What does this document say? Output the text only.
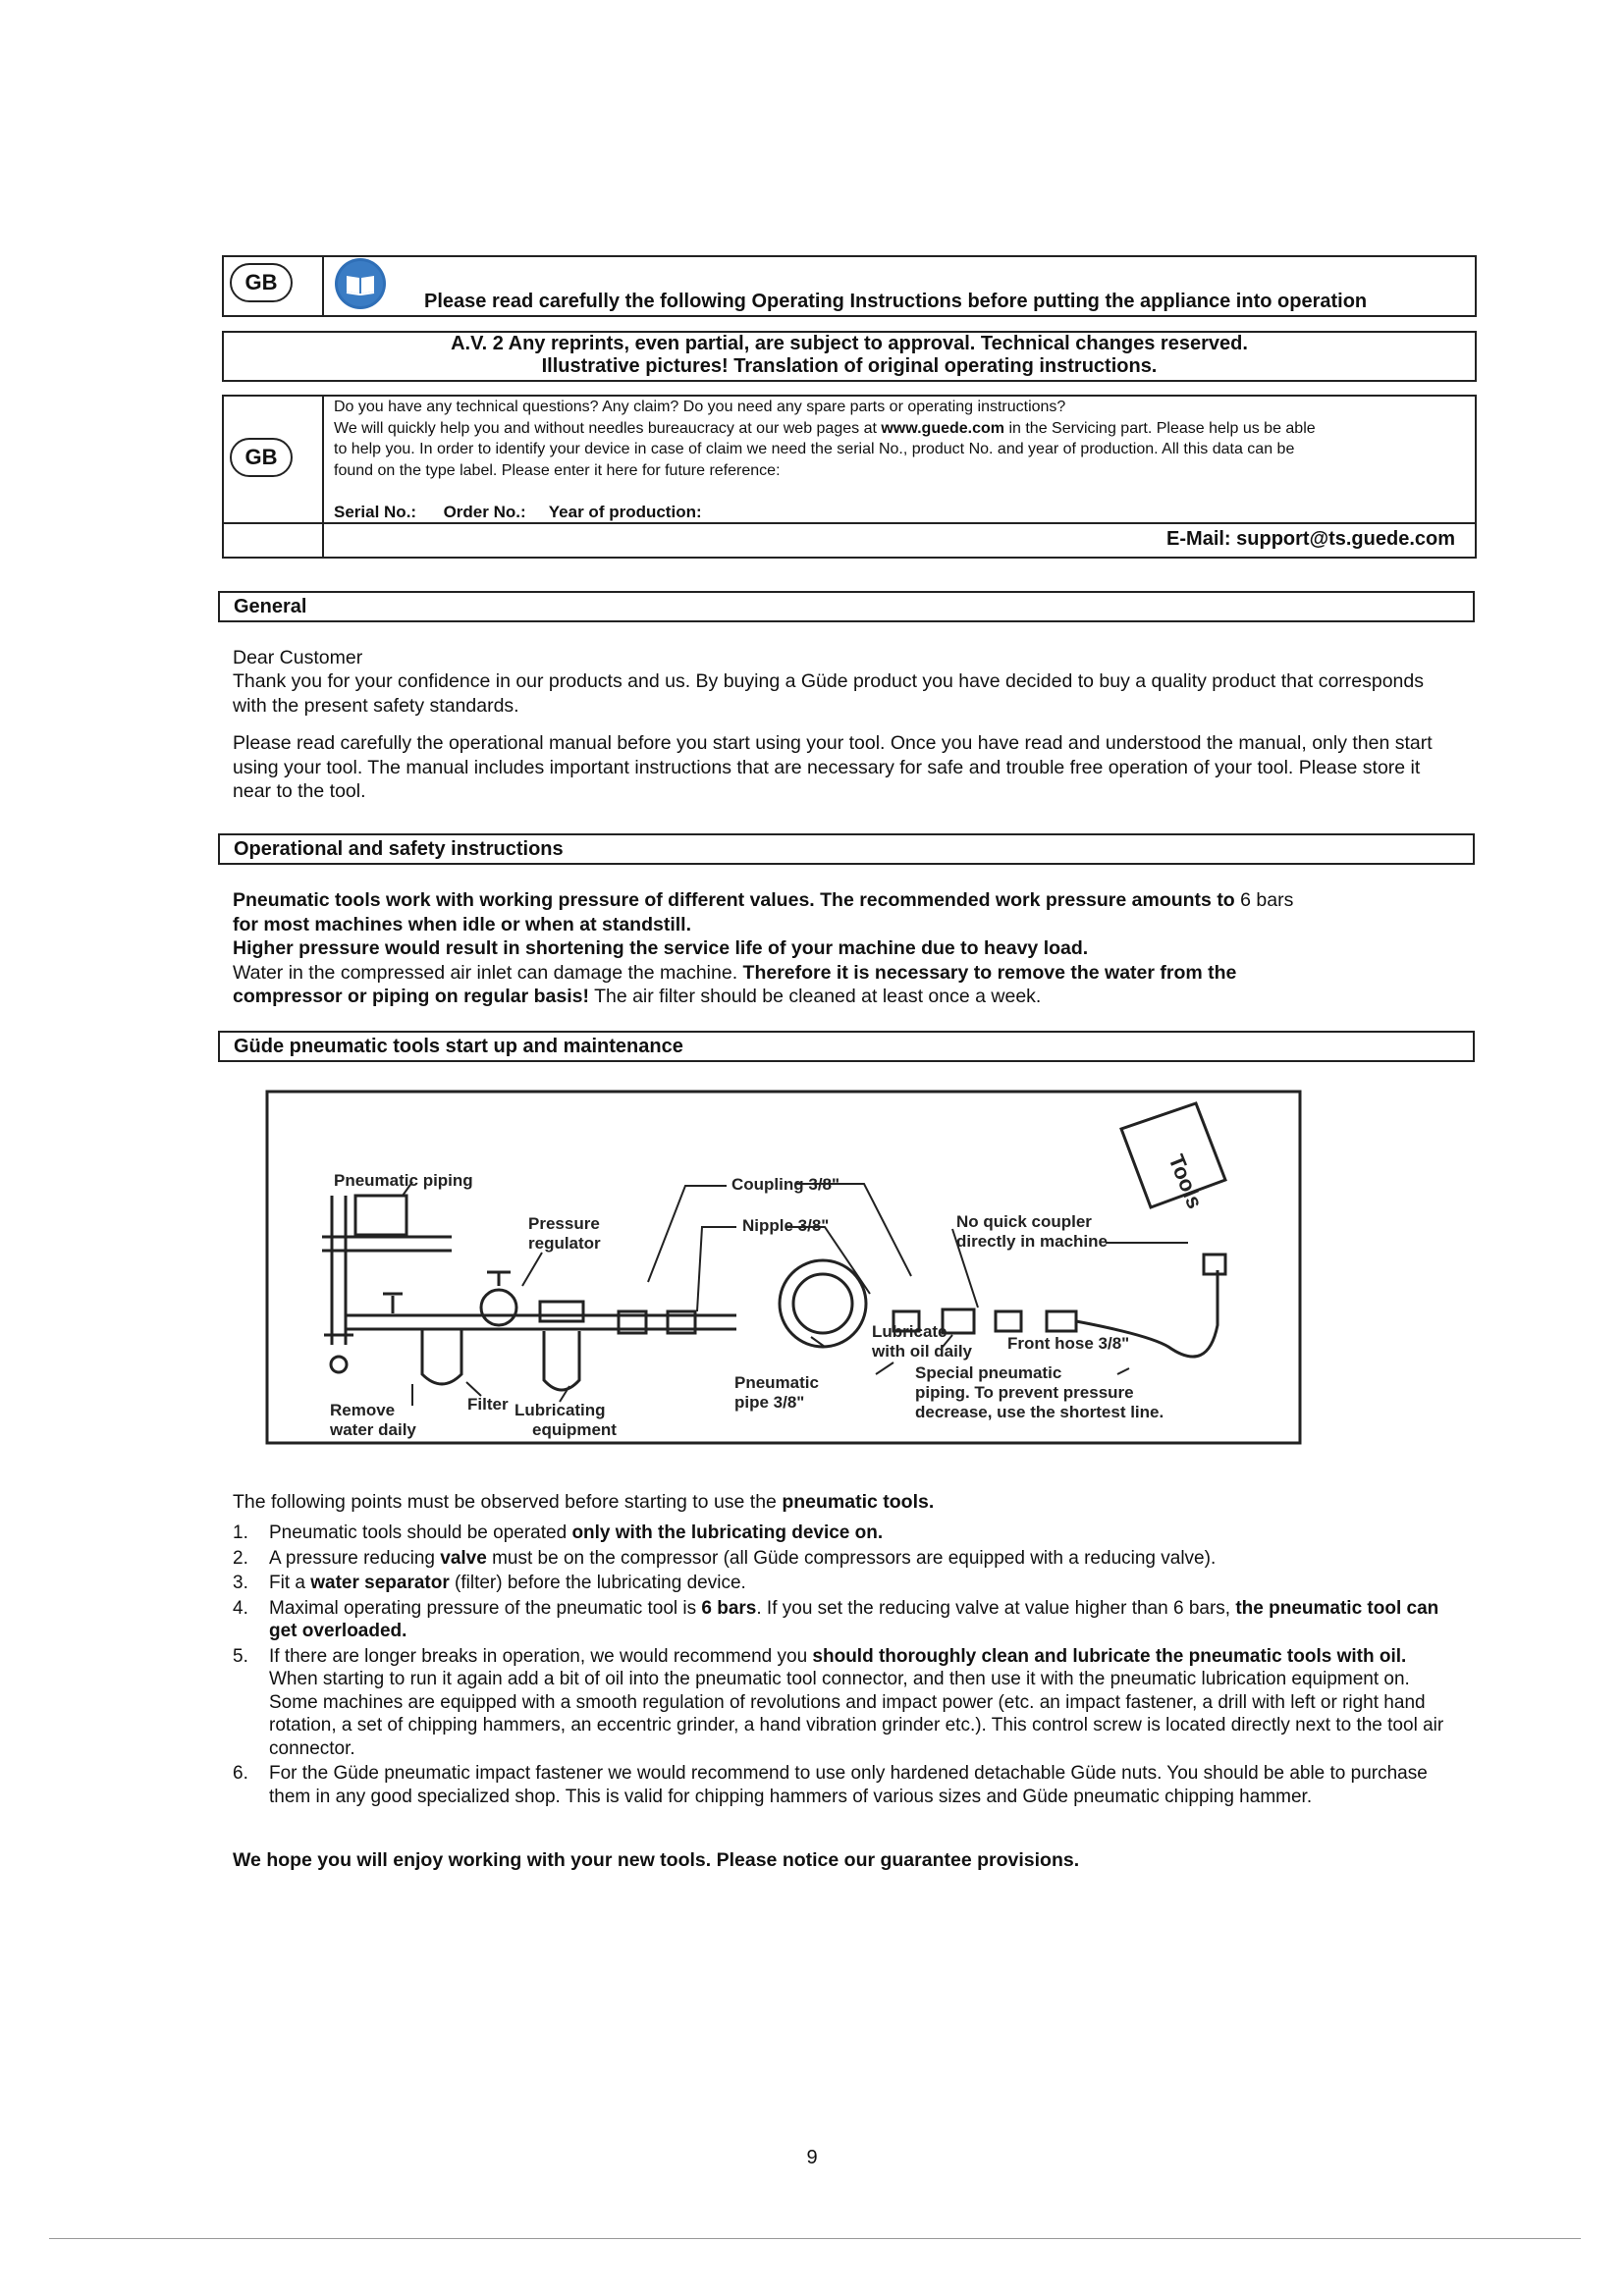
GB
Please read carefully the following Operating Instructions before putting the appliance into operation
A.V. 2 Any reprints, even partial, are subject to approval. Technical changes reserved.
Illustrative pictures! Translation of original operating instructions.
GB
Do you have any technical questions? Any claim? Do you need any spare parts or operating instructions?
We will quickly help you and without needles bureaucracy at our web pages at www.guede.com in the Servicing part. Please help us be able
to help you. In order to identify your device in case of claim we need the serial No., product No. and year of production. All this data can be
found on the type label. Please enter it here for future reference:
Serial No.: Order No.: Year of production:
E-Mail: support@ts.guede.com
General
Dear Customer
Thank you for your confidence in our products and us. By buying a Güde product you have decided to buy a quality product that corresponds with the present safety standards.
Please read carefully the operational manual before you start using your tool. Once you have read and understood the manual, only then start using your tool. The manual includes important instructions that are necessary for safe and trouble free operation of your tool. Please store it near to the tool.
Operational and safety instructions
Pneumatic tools work with working pressure of different values. The recommended work pressure amounts to 6 bars
for most machines when idle or when at standstill.
Higher pressure would result in shortening the service life of your machine due to heavy load.
Water in the compressed air inlet can damage the machine. Therefore it is necessary to remove the water from the
compressor or piping on regular basis! The air filter should be cleaned at least once a week.
Güde pneumatic tools start up and maintenance
Tools
Pneumatic piping	Coupling 3/8"
Pressure
regulator
Nipple 3/8"	No quick coupler
directly in machine
Lubricate
with oil daily Front hose 3/8"
Pneumatic
pipe 3/8"
Special pneumatic
piping. To prevent pressure
decrease, use the shortest line.
Remove
water daily
Filter Lubricating
equipment
The following points must be observed before starting to use the pneumatic tools.
1. Pneumatic tools should be operated only with the lubricating device on.
2. A pressure reducing valve must be on the compressor (all Güde compressors are equipped with a reducing valve).
3. Fit a water separator (filter) before the lubricating device.
4. Maximal operating pressure of the pneumatic tool is 6 bars. If you set the reducing valve at value higher than 6 bars, the pneumatic tool can get overloaded.
5. If there are longer breaks in operation, we would recommend you should thoroughly clean and lubricate the pneumatic tools with oil. When starting to run it again add a bit of oil into the pneumatic tool connector, and then use it with the pneumatic lubrication equipment on. Some machines are equipped with a smooth regulation of revolutions and impact power (etc. an impact fastener, a drill with left or right hand rotation, a set of chipping hammers, an eccentric grinder, a hand vibration grinder etc.). This control screw is located directly next to the tool air connector.
6. For the Güde pneumatic impact fastener we would recommend to use only hardened detachable Güde nuts. You should be able to purchase them in any good specialized shop. This is valid for chipping hammers of various sizes and Güde pneumatic chipping hammer.
We hope you will enjoy working with your new tools. Please notice our guarantee provisions.
9
